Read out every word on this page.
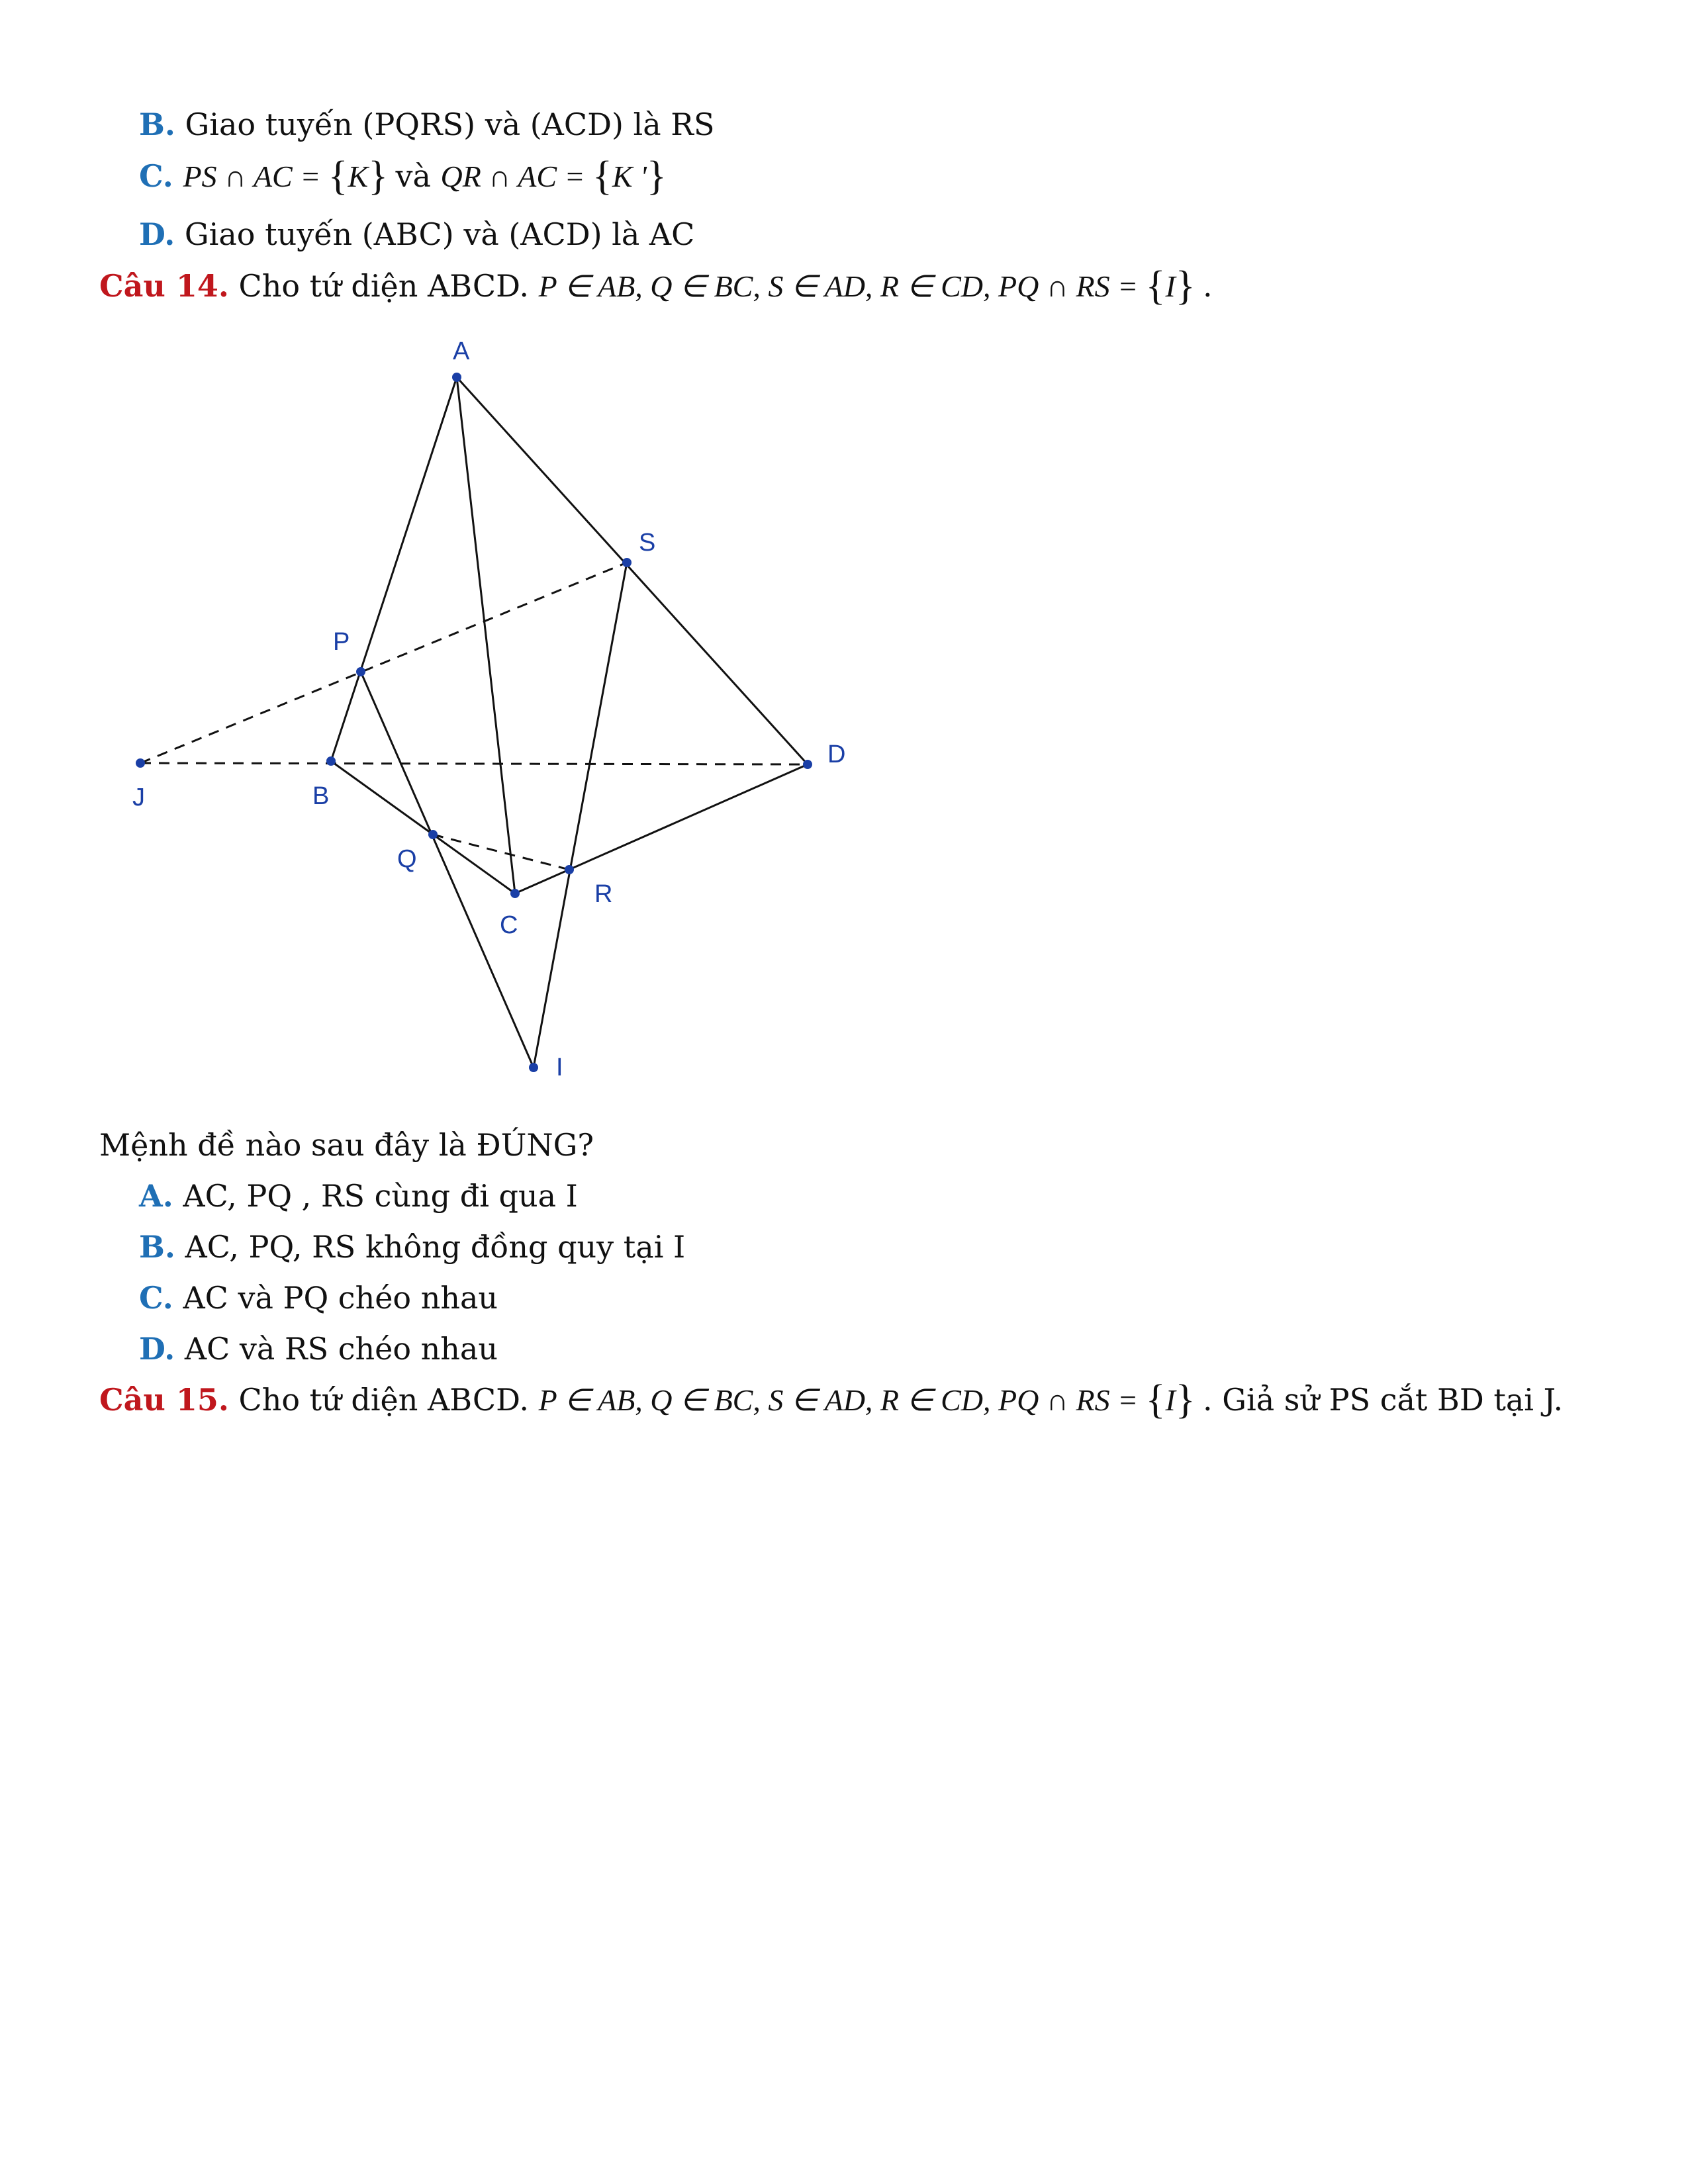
B. Giao tuyến (PQRS) và (ACD) là RS
C. PS ∩ AC = {K} và QR ∩ AC = {K '}
D. Giao tuyến (ABC) và (ACD) là AC
Câu 14. Cho tứ diện ABCD. P ∈ AB, Q ∈ BC, S ∈ AD, R ∈ CD, PQ ∩ RS = {I} .
A
S
P
D
J	B
Q
R
C
I
Mệnh đề nào sau đây là ĐÚNG?
A. AC, PQ , RS cùng đi qua I
B. AC, PQ, RS không đồng quy tại I
C. AC và PQ chéo nhau
D. AC và RS chéo nhau
Câu 15. Cho tứ diện ABCD. P ∈ AB, Q ∈ BC, S ∈ AD, R ∈ CD, PQ ∩ RS = {I} . Giả sử PS cắt BD tại J.
